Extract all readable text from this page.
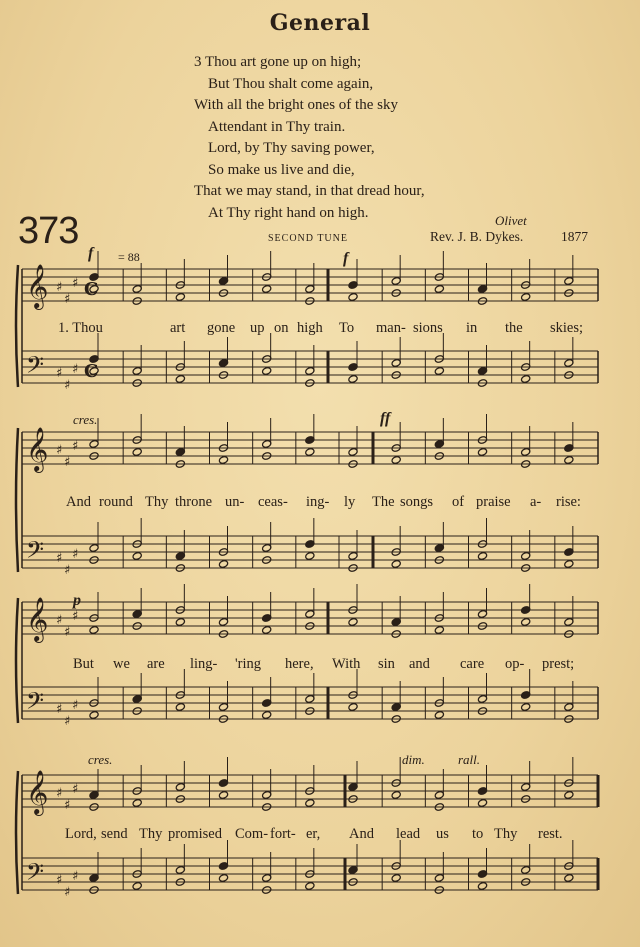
General
3 Thou art gone up on high;
But Thou shalt come again,
With all the bright ones of the sky
Attendant in Thy train.
Lord, by Thy saving power,
So make us live and die,
That we may stand, in that dread hour,
At Thy right hand on high.
373	Olivet
SECOND TUNE	Rev. J. B. Dykes.	1877
𝄞
𝄢
♯
♯
♯
♯
♯
♯
C
C
𝄞
𝄢
♯
♯
♯
♯
♯
♯
𝄞
𝄢
♯
♯
♯
♯
♯
♯
𝄞
𝄢
♯
♯
♯
♯
♯
♯
f = 88	f
cres.	ff
p
cres.	dim.	rall.
1. Thou	art gone up on high To man- sions in the skies;
And round Thy throne un- ceas- ing- ly The songs of praise a- rise:
But we are ling- 'ring here, With sin and care op- prest;
Lord, send Thy promised Com- fort- er, And lead us to Thy rest.
